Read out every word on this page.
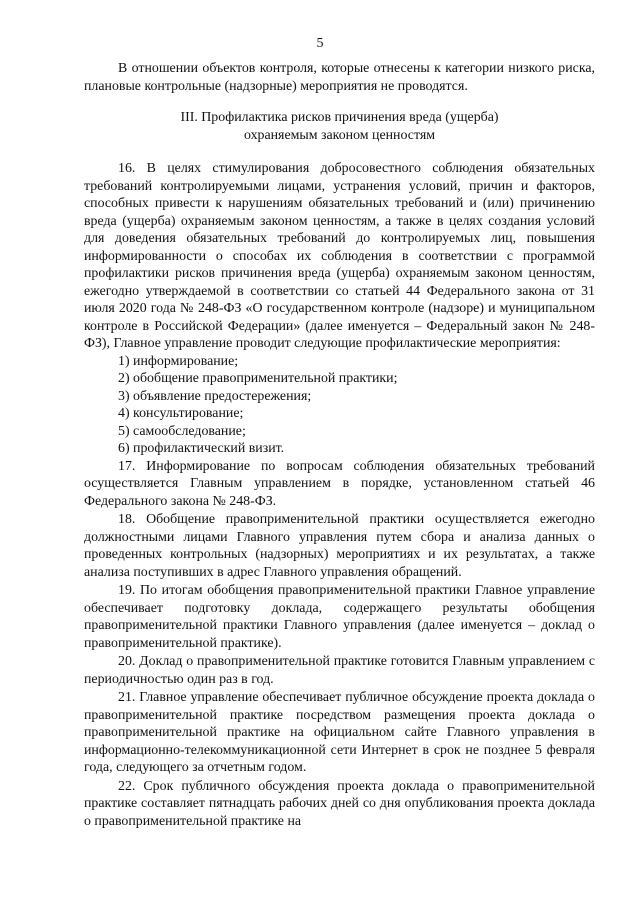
5

В отношении объектов контроля, которые отнесены к категории низкого риска, плановые контрольные (надзорные) мероприятия не проводятся.

III. Профилактика рисков причинения вреда (ущерба)

охраняемым законом ценностям

16. В целях стимулирования добросовестного соблюдения обязательных требований контролируемыми лицами, устранения условий, причин и факторов, способных привести к нарушениям обязательных требований и (или) причинению вреда (ущерба) охраняемым законом ценностям, а также в целях создания условий для доведения обязательных требований до контролируемых лиц, повышения информированности о способах их соблюдения в соответствии с программой профилактики рисков причинения вреда (ущерба) охраняемым законом ценностям, ежегодно утверждаемой в соответствии со статьей 44 Федерального закона от 31 июля 2020 года № 248-ФЗ «О государственном контроле (надзоре) и муниципальном контроле в Российской Федерации» (далее именуется – Федеральный закон № 248-ФЗ), Главное управление проводит следующие профилактические мероприятия:

1) информирование;

2) обобщение правоприменительной практики;

3) объявление предостережения;

4) консультирование;

5) самообследование;

6) профилактический визит.

17. Информирование по вопросам соблюдения обязательных требований осуществляется Главным управлением в порядке, установленном статьей 46 Федерального закона № 248-ФЗ.

18. Обобщение правоприменительной практики осуществляется ежегодно должностными лицами Главного управления путем сбора и анализа данных о проведенных контрольных (надзорных) мероприятиях и их результатах, а также анализа поступивших в адрес Главного управления обращений.

19. По итогам обобщения правоприменительной практики Главное управление обеспечивает подготовку доклада, содержащего результаты обобщения правоприменительной практики Главного управления (далее именуется – доклад о правоприменительной практике).

20. Доклад о правоприменительной практике готовится Главным управлением с периодичностью один раз в год.

21. Главное управление обеспечивает публичное обсуждение проекта доклада о правоприменительной практике посредством размещения проекта доклада о правоприменительной практике на официальном сайте Главного управления в информационно-телекоммуникационной сети Интернет в срок не позднее 5 февраля года, следующего за отчетным годом.

22. Срок публичного обсуждения проекта доклада о правоприменительной практике составляет пятнадцать рабочих дней со дня опубликования проекта доклада о правоприменительной практике на
